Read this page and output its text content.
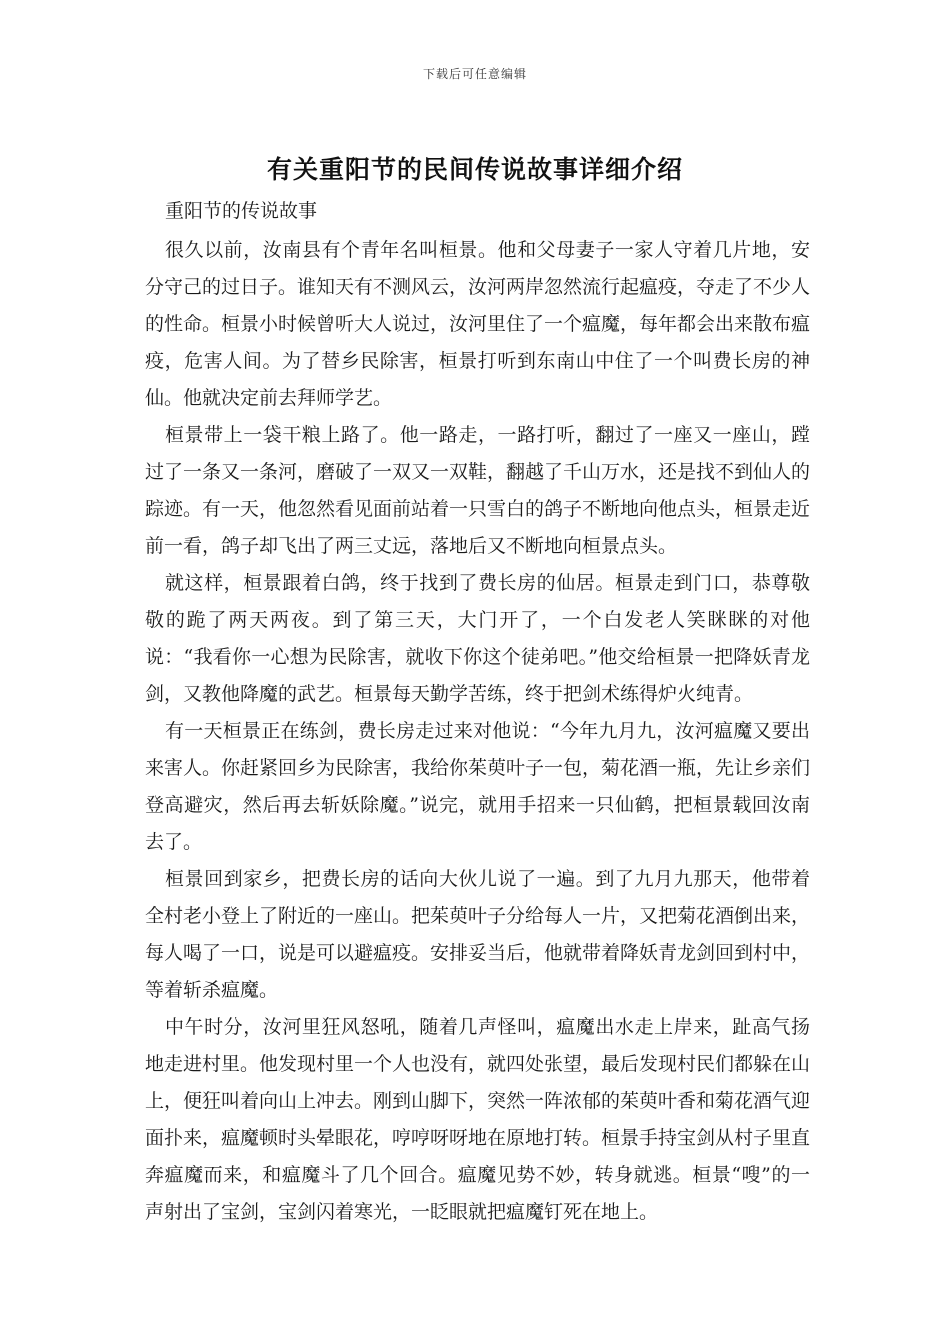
下载后可任意编辑
有关重阳节的民间传说故事详细介绍

重阳节的传说故事

很久以前，汝南县有个青年名叫桓景。他和父母妻子一家人守着几片地，安分守己的过日子。谁知天有不测风云，汝河两岸忽然流行起瘟疫，夺走了不少人的性命。桓景小时候曾听大人说过，汝河里住了一个瘟魔，每年都会出来散布瘟疫，危害人间。为了替乡民除害，桓景打听到东南山中住了一个叫费长房的神仙。他就决定前去拜师学艺。

桓景带上一袋干粮上路了。他一路走，一路打听，翻过了一座又一座山，蹚过了一条又一条河，磨破了一双又一双鞋，翻越了千山万水，还是找不到仙人的踪迹。有一天，他忽然看见面前站着一只雪白的鸽子不断地向他点头，桓景走近前一看，鸽子却飞出了两三丈远，落地后又不断地向桓景点头。

就这样，桓景跟着白鸽，终于找到了费长房的仙居。桓景走到门口，恭尊敬敬的跪了两天两夜。到了第三天，大门开了，一个白发老人笑眯眯的对他说：“我看你一心想为民除害，就收下你这个徒弟吧。”他交给桓景一把降妖青龙剑，又教他降魔的武艺。桓景每天勤学苦练，终于把剑术练得炉火纯青。

有一天桓景正在练剑，费长房走过来对他说：“今年九月九，汝河瘟魔又要出来害人。你赶紧回乡为民除害，我给你茱萸叶子一包，菊花酒一瓶，先让乡亲们登高避灾，然后再去斩妖除魔。”说完，就用手招来一只仙鹤，把桓景载回汝南去了。

桓景回到家乡，把费长房的话向大伙儿说了一遍。到了九月九那天，他带着全村老小登上了附近的一座山。把茱萸叶子分给每人一片，又把菊花酒倒出来，每人喝了一口，说是可以避瘟疫。安排妥当后，他就带着降妖青龙剑回到村中，等着斩杀瘟魔。

中午时分，汝河里狂风怒吼，随着几声怪叫，瘟魔出水走上岸来，趾高气扬地走进村里。他发现村里一个人也没有，就四处张望，最后发现村民们都躲在山上，便狂叫着向山上冲去。刚到山脚下，突然一阵浓郁的茱萸叶香和菊花酒气迎面扑来，瘟魔顿时头晕眼花，哼哼呀呀地在原地打转。桓景手持宝剑从村子里直奔瘟魔而来，和瘟魔斗了几个回合。瘟魔见势不妙，转身就逃。桓景“嗖”的一声射出了宝剑，宝剑闪着寒光，一眨眼就把瘟魔钉死在地上。
